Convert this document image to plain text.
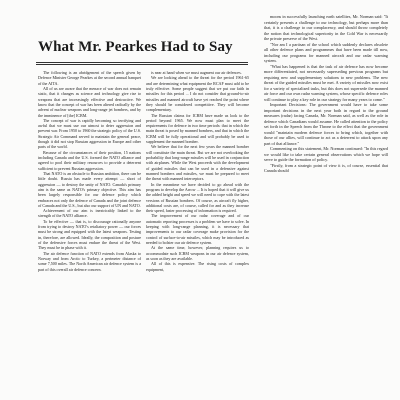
What Mr. Pearkes Had to Say

The following is an abridgement of the speech given by Defence Minister George Pearkes at the second annual banquet of the AITA.

All of us are aware that the menace of war does not remain static, that it changes as science and technology give rise to weapons that are increasingly effective and destructive. We know that the concept of war has been altered radically by the advent of nuclear weapons and long-range jet bombers, and by the imminence of [the] ICBM.

The concept of war is rapidly becoming so terrifying and awful that we must use our utmost to deter aggression and prevent war. From 1950 to 1960 the strategic policy of the U.S. Strategic Air Command served to maintain the general peace, though it did not stop Russian aggression in Europe and other parts of the world.

Because of the circumstances of their position, 15 nations including Canada and the U.S. formed the NATO alliance and agreed to pool their military resources to provide a deterrent sufficient to prevent Russian aggression.

That NATO is an obstacle to Russian ambition, there can be little doubt. Russia has made every attempt — short of aggression — to destroy the unity of NATO. Canada's primary aim is the same as NATO's primary objective. This aim has been largely responsible for our defence policy which embraces not only the defence of Canada and the joint defence of Canada and the U.S., but also our support of UN and NATO.

Achievement of our aim is inextricably linked to the strength of the NATO alliance.

To be effective — that is, to discourage rationally anyone from trying to destroy NATO's retaliatory power — our forces must be strong and equipped with the latest weapons. Testing in, therefore, are allowed. Ideally, the composition and posture of the defensive forces must endure the threat of the West. They must be in phase with it.

The air defence function of NATO extends from Alaska to Norway and from Arctic to Turkey, a perimeter distance of some 7,500 miles. The North American air defence system is a part of this overall air defence concern.

is near at hand when we must augment our air defences.

We are looking ahead to the threat for the period 1961-65 and are determining what equipment the RCAF must add to be truly effective. Some people suggest that we put our faith in missiles for this period ... I do not consider that ground-to-air missiles and manned aircraft have yet reached the point where they should be considered competitive. They will become complementary.

The Russian claims for ICBM have made us look to the period beyond 1965. We now must plan to meet the requirements for defence in two time periods: that in which the main threat is posed by manned bombers, and that in which the ICBM will be fully operational and will probably be used to supplement the manned bomber.

We believe that for the next few years the manned bomber will constitute the main threat. But we are not overlooking the probability that long-range missiles will be used in conjunction with airplanes. While the West proceeds with the development of guided missiles that can be used in a defensive against manned bombers and missiles, we must be prepared to meet the threat with manned interceptors.

In the meantime we have decided to go ahead with the program to develop the Arrow ... It is hoped that it will give us the added height and speed we will need to cope with the latest versions of Russian bombers. Of course, as aircraft fly higher, additional costs are, of course, called for and as they increase their speed, faster processing of information is required.

The improvement of our radar coverage and of our automatic reporting processes is a problem we have to solve. In keeping with long-range planning, it is necessary that improvements to our radar coverage make provision for the control of surface-to-air missiles, which may be introduced as needed to bolster our air defence system.

At the same time, however, planning requires us to accommodate such ICBM weapons in our air defence system, as soon as they are available.

All of this is expensive. The rising costs of complex equipment,

moons in successfully launching earth satellites, Mr. Norman said: "It certainly presents a challenge to our technology, but perhaps more than that, it is a challenge to our complacency, and should throw completely the notion that technological superiority in the Cold War is necessarily the private preserve of the West.

"Nor am I a partisan of the school which suddenly declares obsolete all other defence plans and programmes that have been made till now, including our programs for manned aircraft and our radar warning system.

"What has happened is that the task of air defence has now become more differentiated, not necessarily superseding previous programs but requiring new and supplementary solutions to new problems. The new threat of the guided missiles must be met. A variety of missiles now exist for a variety of specialized tasks, but this does not supersede the manned air force and our own radar warning system, whose specific defence roles will continue to play a key role in our strategy for many years to come."

Important Decisions: The government would have to take some important decisions in the next year both in regard to the ground measures (radar) facing Canada, Mr. Norman said, as well as the role in defence which Canadians would assume. He called attention to the policy set forth in the Speech from the Throne to the effect that the government would "maintain modern defence forces to bring which, together with those of our allies, will continue to act as a deterrent to attack upon any part of that alliance."

Commenting on this statement, Mr. Norman continued: "In this regard we would like to take certain general observations which we hope will serve to guide the formation of policy.

"Firstly, from a strategic point of view it is, of course, essential that Canada should
